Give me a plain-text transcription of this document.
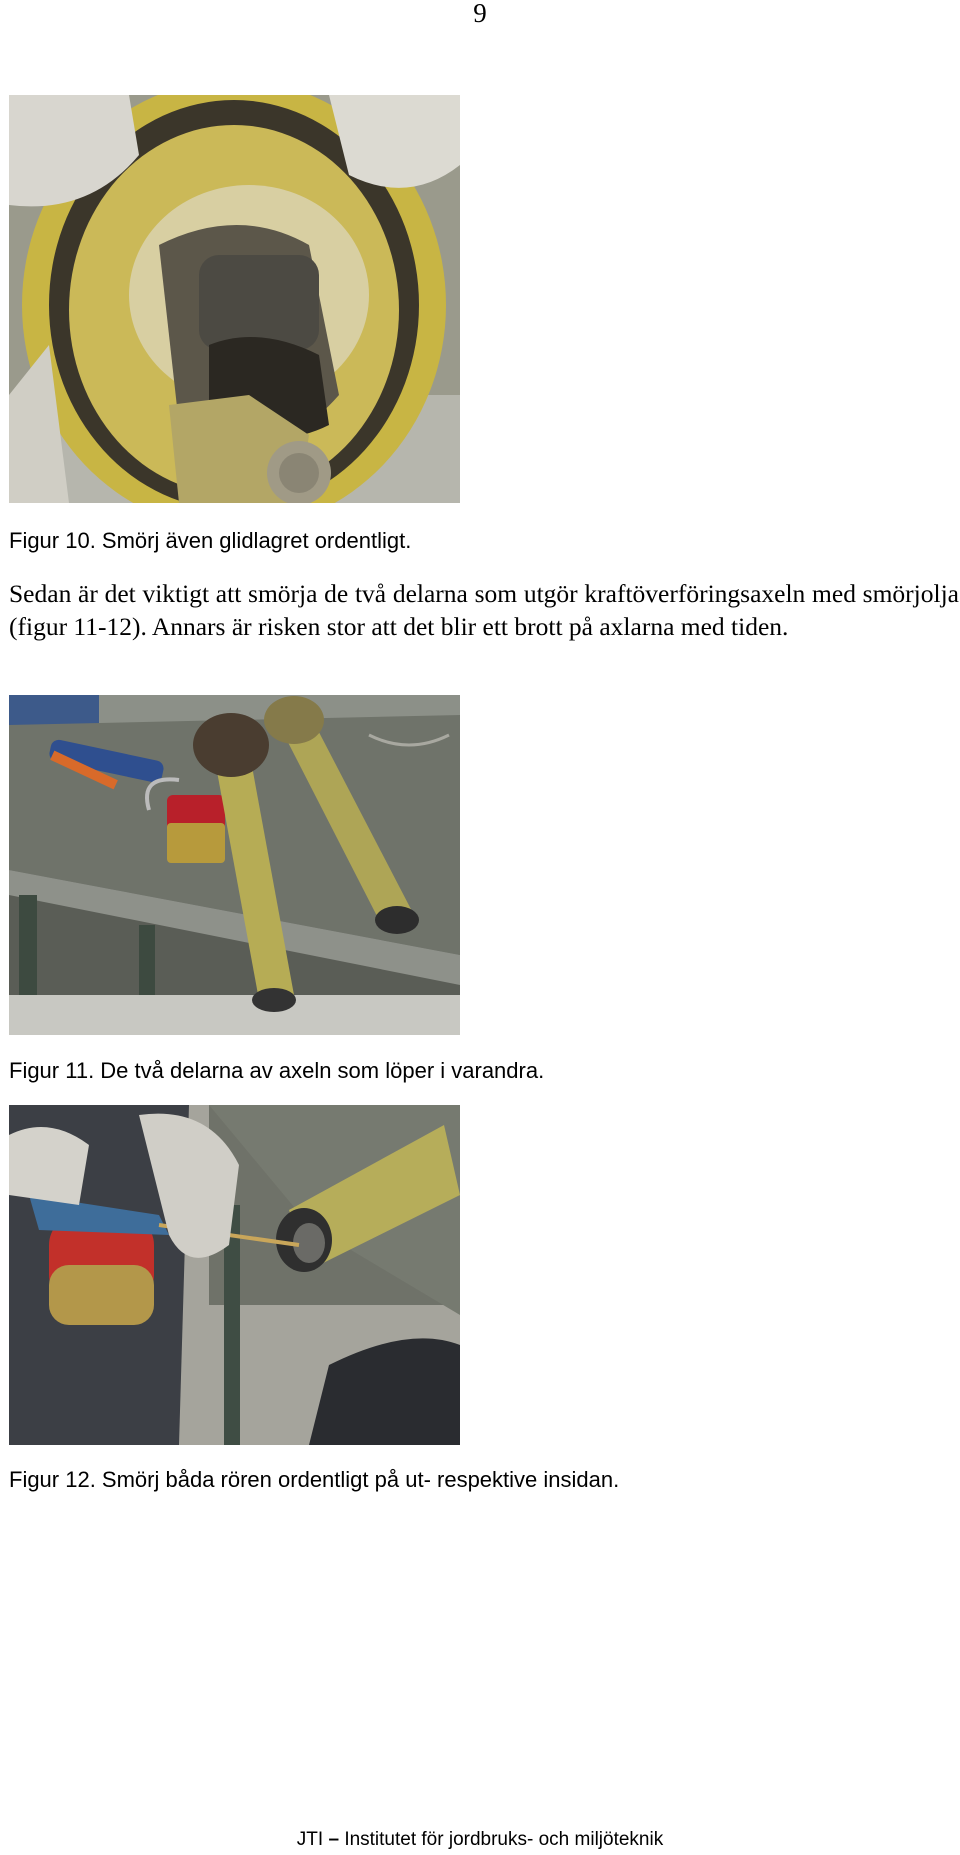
9
Figur 10. Smörj även glidlagret ordentligt.
Sedan är det viktigt att smörja de två delarna som utgör kraftöverföringsaxeln med smörjolja (figur 11-12). Annars är risken stor att det blir ett brott på axlarna med tiden.
Figur 11. De två delarna av axeln som löper i varandra.
Figur 12. Smörj båda rören ordentligt på ut- respektive insidan.
JTI – Institutet för jordbruks- och miljöteknik
